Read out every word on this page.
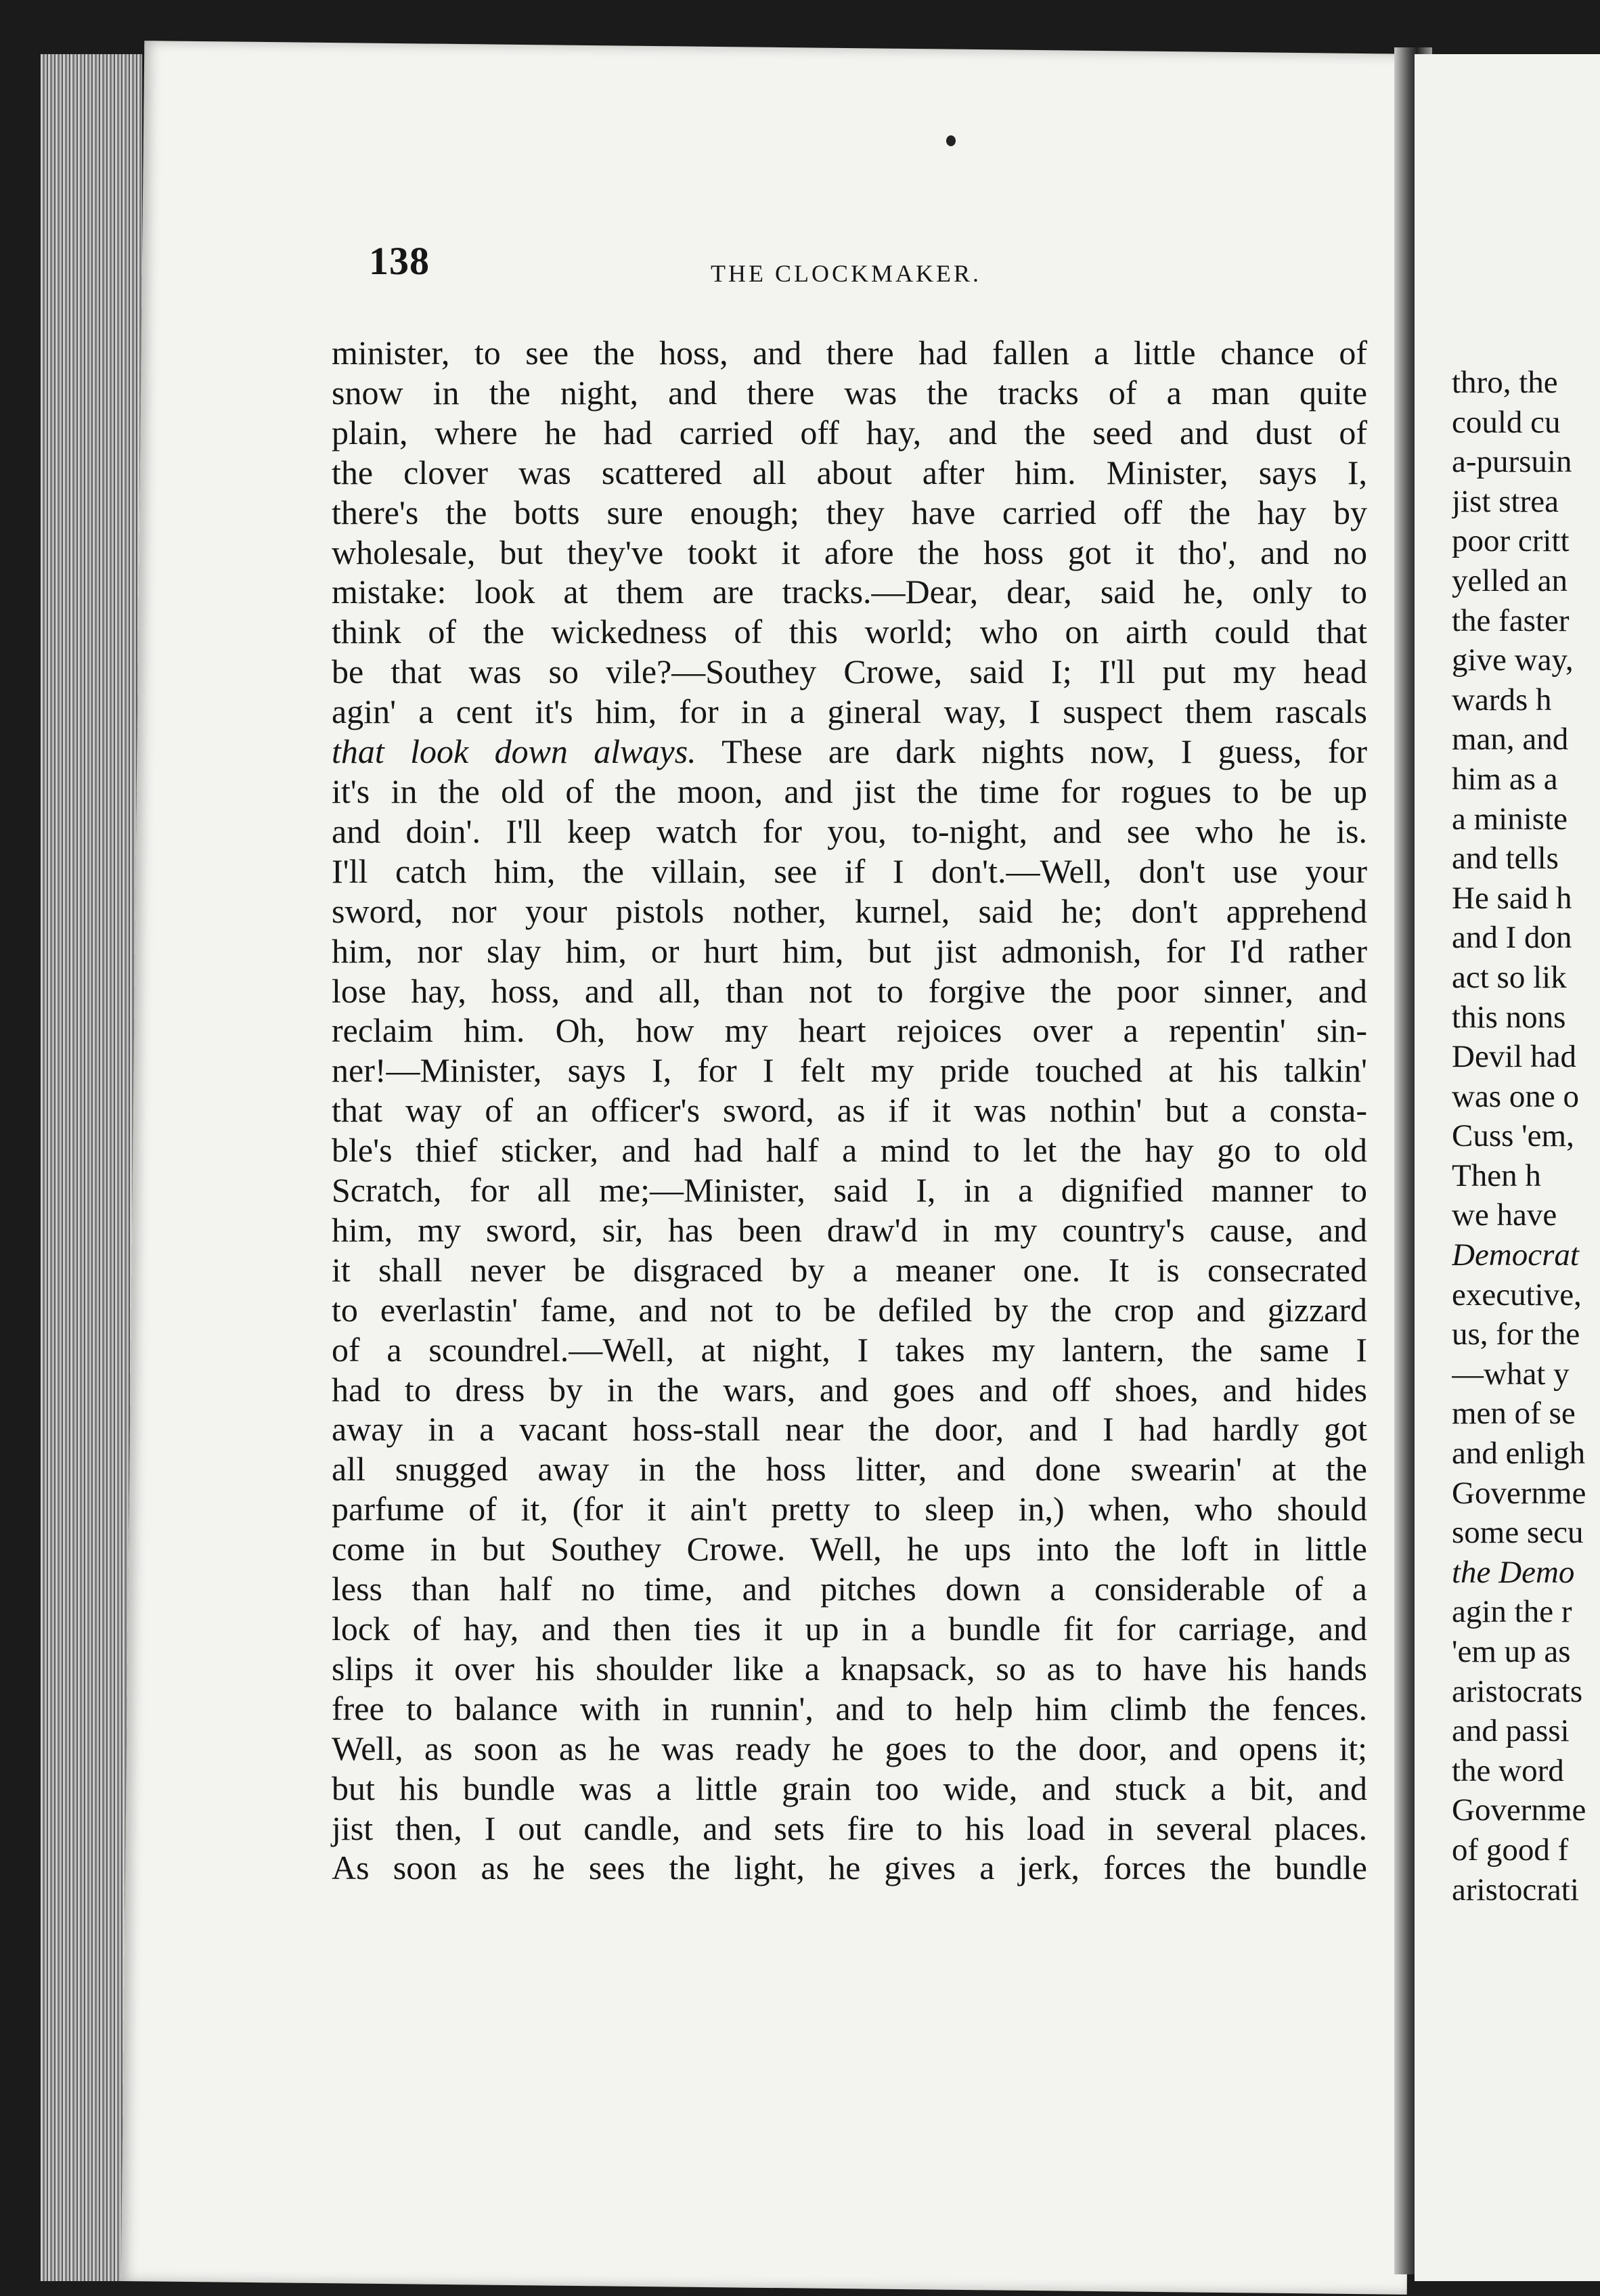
138	THE CLOCKMAKER.
minister, to see the hoss, and there had fallen a little chance of
snow in the night, and there was the tracks of a man quite
plain, where he had carried off hay, and the seed and dust of
the clover was scattered all about after him. Minister, says I,
there's the botts sure enough; they have carried off the hay by
wholesale, but they've tookt it afore the hoss got it tho', and no
mistake: look at them are tracks.—Dear, dear, said he, only to
think of the wickedness of this world; who on airth could that
be that was so vile?—Southey Crowe, said I; I'll put my head
agin' a cent it's him, for in a gineral way, I suspect them rascals
that look down always. These are dark nights now, I guess, for
it's in the old of the moon, and jist the time for rogues to be up
and doin'. I'll keep watch for you, to-night, and see who he is.
I'll catch him, the villain, see if I don't.—Well, don't use your
sword, nor your pistols nother, kurnel, said he; don't apprehend
him, nor slay him, or hurt him, but jist admonish, for I'd rather
lose hay, hoss, and all, than not to forgive the poor sinner, and
reclaim him. Oh, how my heart rejoices over a repentin' sin-
ner!—Minister, says I, for I felt my pride touched at his talkin'
that way of an officer's sword, as if it was nothin' but a consta-
ble's thief sticker, and had half a mind to let the hay go to old
Scratch, for all me;—Minister, said I, in a dignified manner to
him, my sword, sir, has been draw'd in my country's cause, and
it shall never be disgraced by a meaner one. It is consecrated
to everlastin' fame, and not to be defiled by the crop and gizzard
of a scoundrel.—Well, at night, I takes my lantern, the same I
had to dress by in the wars, and goes and off shoes, and hides
away in a vacant hoss-stall near the door, and I had hardly got
all snugged away in the hoss litter, and done swearin' at the
parfume of it, (for it ain't pretty to sleep in,) when, who should
come in but Southey Crowe. Well, he ups into the loft in little
less than half no time, and pitches down a considerable of a
lock of hay, and then ties it up in a bundle fit for carriage, and
slips it over his shoulder like a knapsack, so as to have his hands
free to balance with in runnin', and to help him climb the fences.
Well, as soon as he was ready he goes to the door, and opens it;
but his bundle was a little grain too wide, and stuck a bit, and
jist then, I out candle, and sets fire to his load in several places.
As soon as he sees the light, he gives a jerk, forces the bundle
thro, the
could cu
a-pursuin
jist strea
poor critt
yelled an
the faster
give way,
wards h
man, and
him as a
a ministe
and tells
He said h
and I don
act so lik
this nons
Devil had
was one o
Cuss 'em,
Then h
we have
Democrat
executive,
us, for the
—what y
men of se
and enligh
Governme
some secu
the Demo
agin the r
'em up as
aristocrats
and passi
the word
Governme
of good f
aristocrati
